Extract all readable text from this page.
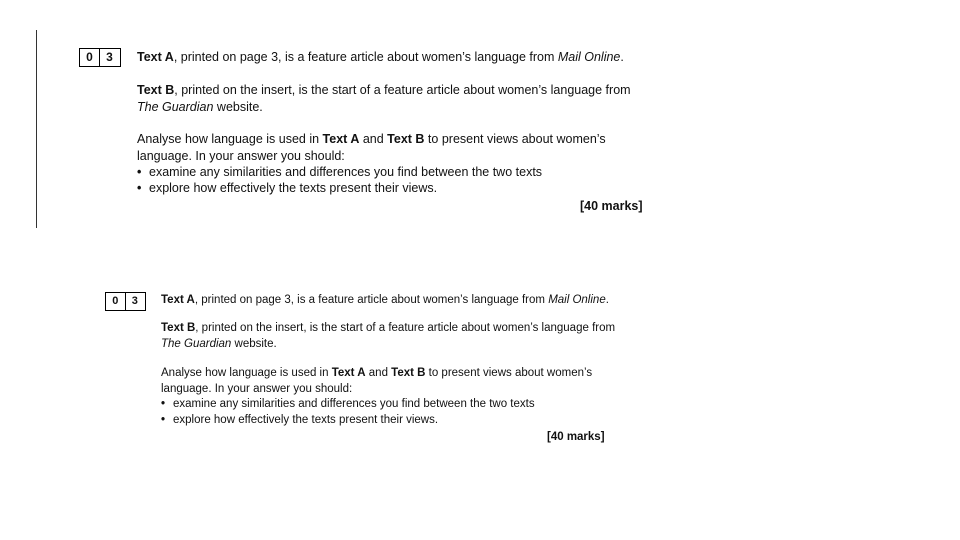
0	3	Text A, printed on page 3, is a feature article about women’s language from Mail Online.
Text B, printed on the insert, is the start of a feature article about women’s language from
The Guardian website.
Analyse how language is used in Text A and Text B to present views about women’s
language. In your answer you should:
• examine any similarities and differences you find between the two texts
• explore how effectively the texts present their views.
[40 marks]
0	3	Text A, printed on page 3, is a feature article about women’s language from Mail Online.
Text B, printed on the insert, is the start of a feature article about women’s language from
The Guardian website.
Analyse how language is used in Text A and Text B to present views about women’s
language. In your answer you should:
• examine any similarities and differences you find between the two texts
• explore how effectively the texts present their views.
[40 marks]
